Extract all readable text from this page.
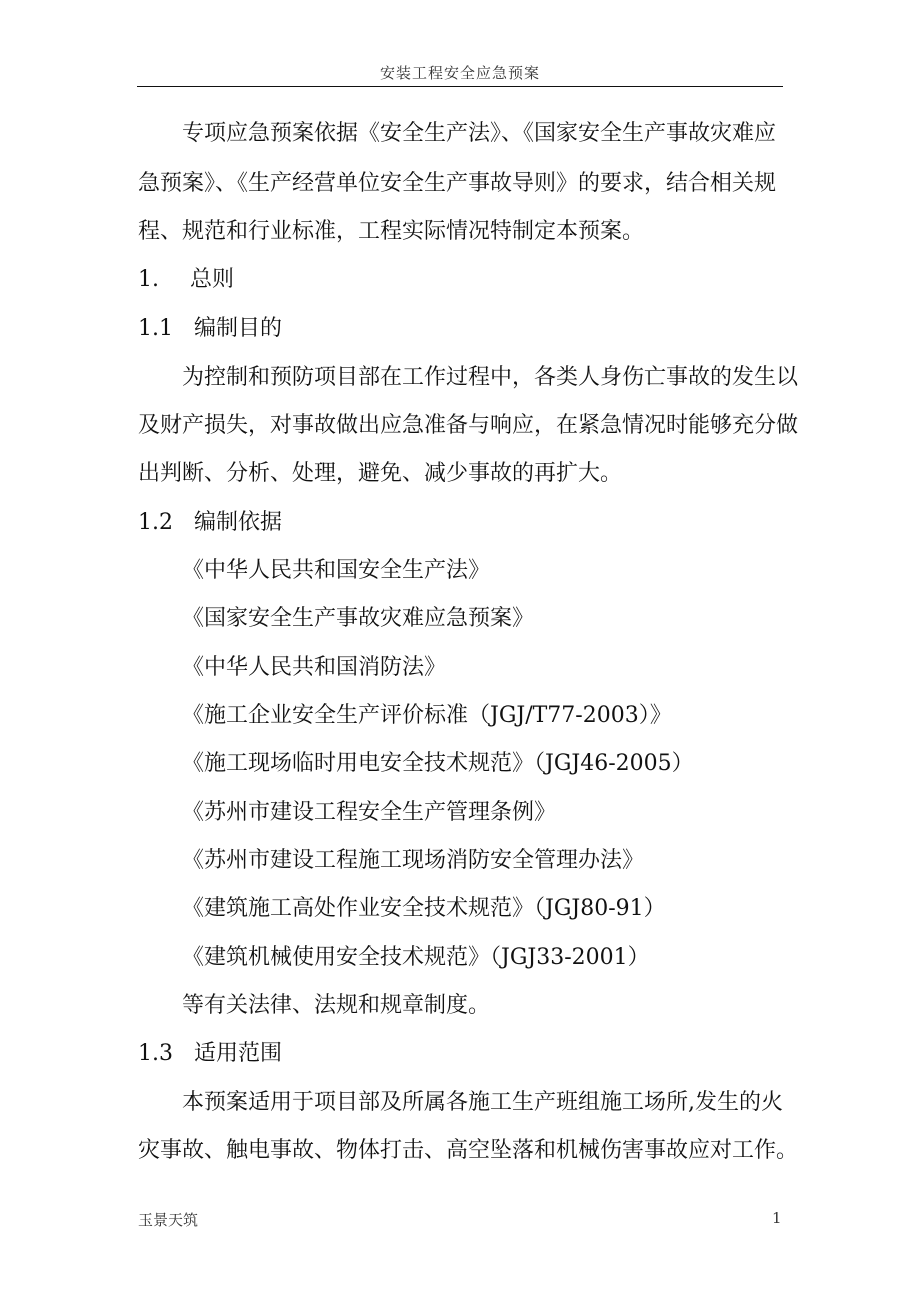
安装工程安全应急预案
专项应急预案依据《安全生产法》、《国家安全生产事故灾难应
急预案》、《生产经营单位安全生产事故导则》的要求，结合相关规
程、规范和行业标准，工程实际情况特制定本预案。
1. 总则
1.1 编制目的
为控制和预防项目部在工作过程中，各类人身伤亡事故的发生以
及财产损失，对事故做出应急准备与响应，在紧急情况时能够充分做
出判断、分析、处理，避免、减少事故的再扩大。
1.2 编制依据
《中华人民共和国安全生产法》
《国家安全生产事故灾难应急预案》
《中华人民共和国消防法》
《施工企业安全生产评价标准（JGJ/T77-2003）》
《施工现场临时用电安全技术规范》（JGJ46-2005）
《苏州市建设工程安全生产管理条例》
《苏州市建设工程施工现场消防安全管理办法》
《建筑施工高处作业安全技术规范》（JGJ80-91）
《建筑机械使用安全技术规范》（JGJ33-2001）
等有关法律、法规和规章制度。
1.3 适用范围
本预案适用于项目部及所属各施工生产班组施工场所,发生的火
灾事故、触电事故、物体打击、高空坠落和机械伤害事故应对工作。
玉景天筑	1
